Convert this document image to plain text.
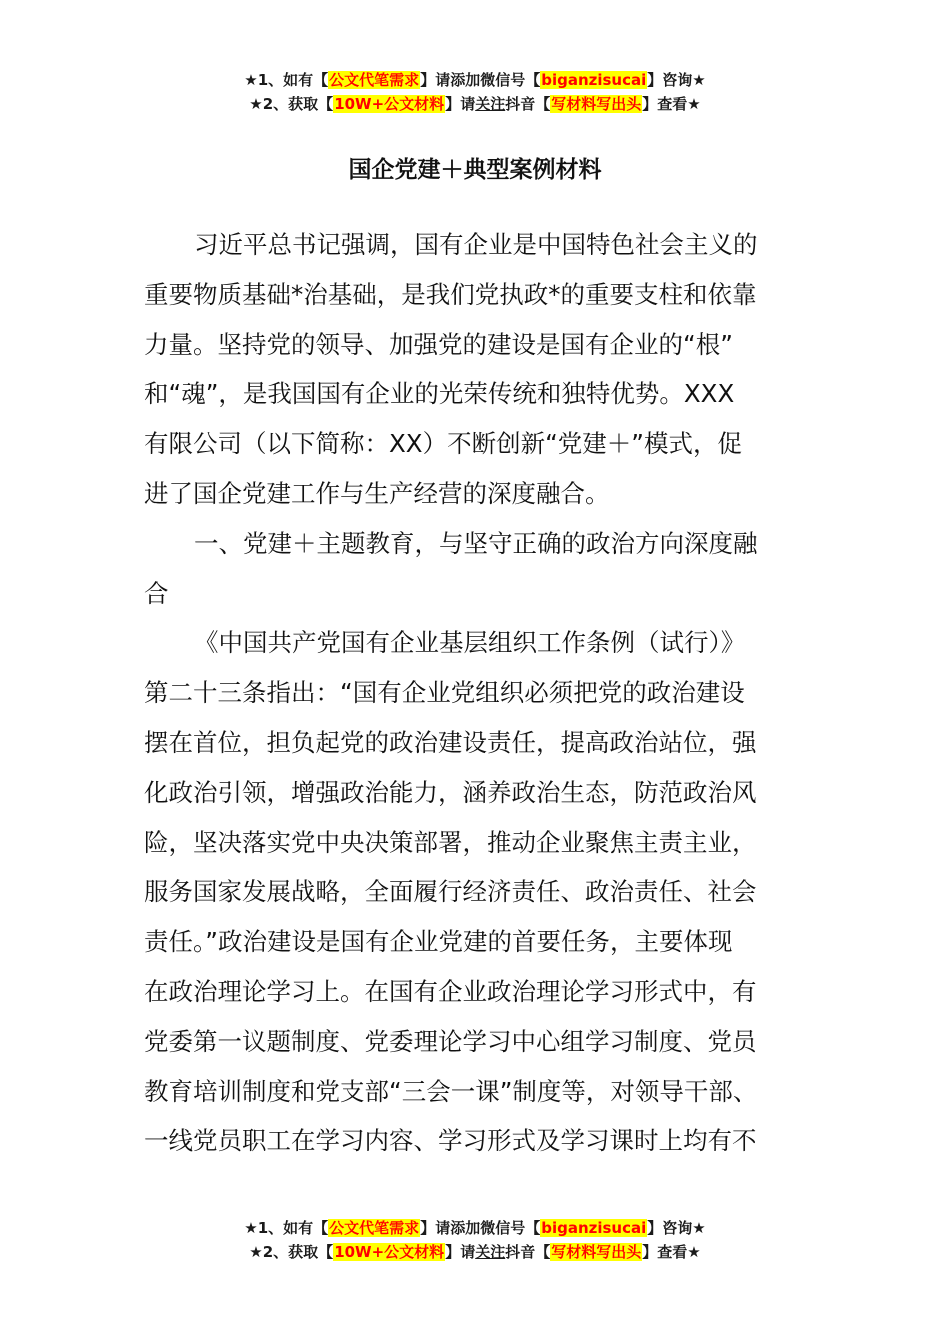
★1、如有【公文代笔需求】请添加微信号【biganzisucai】咨询★
★2、获取【10W+公文材料】请关注抖音【写材料写出头】查看★
国企党建＋典型案例材料
习近平总书记强调，国有企业是中国特色社会主义的
重要物质基础*治基础，是我们党执政*的重要支柱和依靠
力量。坚持党的领导、加强党的建设是国有企业的“根”
和“魂”，是我国国有企业的光荣传统和独特优势。XXX
有限公司（以下简称：XX）不断创新“党建＋”模式，促
进了国企党建工作与生产经营的深度融合。
一、党建＋主题教育，与坚守正确的政治方向深度融
合
《中国共产党国有企业基层组织工作条例（试行）》
第二十三条指出：“国有企业党组织必须把党的政治建设
摆在首位，担负起党的政治建设责任，提高政治站位，强
化政治引领，增强政治能力，涵养政治生态，防范政治风
险，坚决落实党中央决策部署，推动企业聚焦主责主业，
服务国家发展战略，全面履行经济责任、政治责任、社会
责任。”政治建设是国有企业党建的首要任务，主要体现
在政治理论学习上。在国有企业政治理论学习形式中，有
党委第一议题制度、党委理论学习中心组学习制度、党员
教育培训制度和党支部“三会一课”制度等，对领导干部、
一线党员职工在学习内容、学习形式及学习课时上均有不
★1、如有【公文代笔需求】请添加微信号【biganzisucai】咨询★
★2、获取【10W+公文材料】请关注抖音【写材料写出头】查看★
